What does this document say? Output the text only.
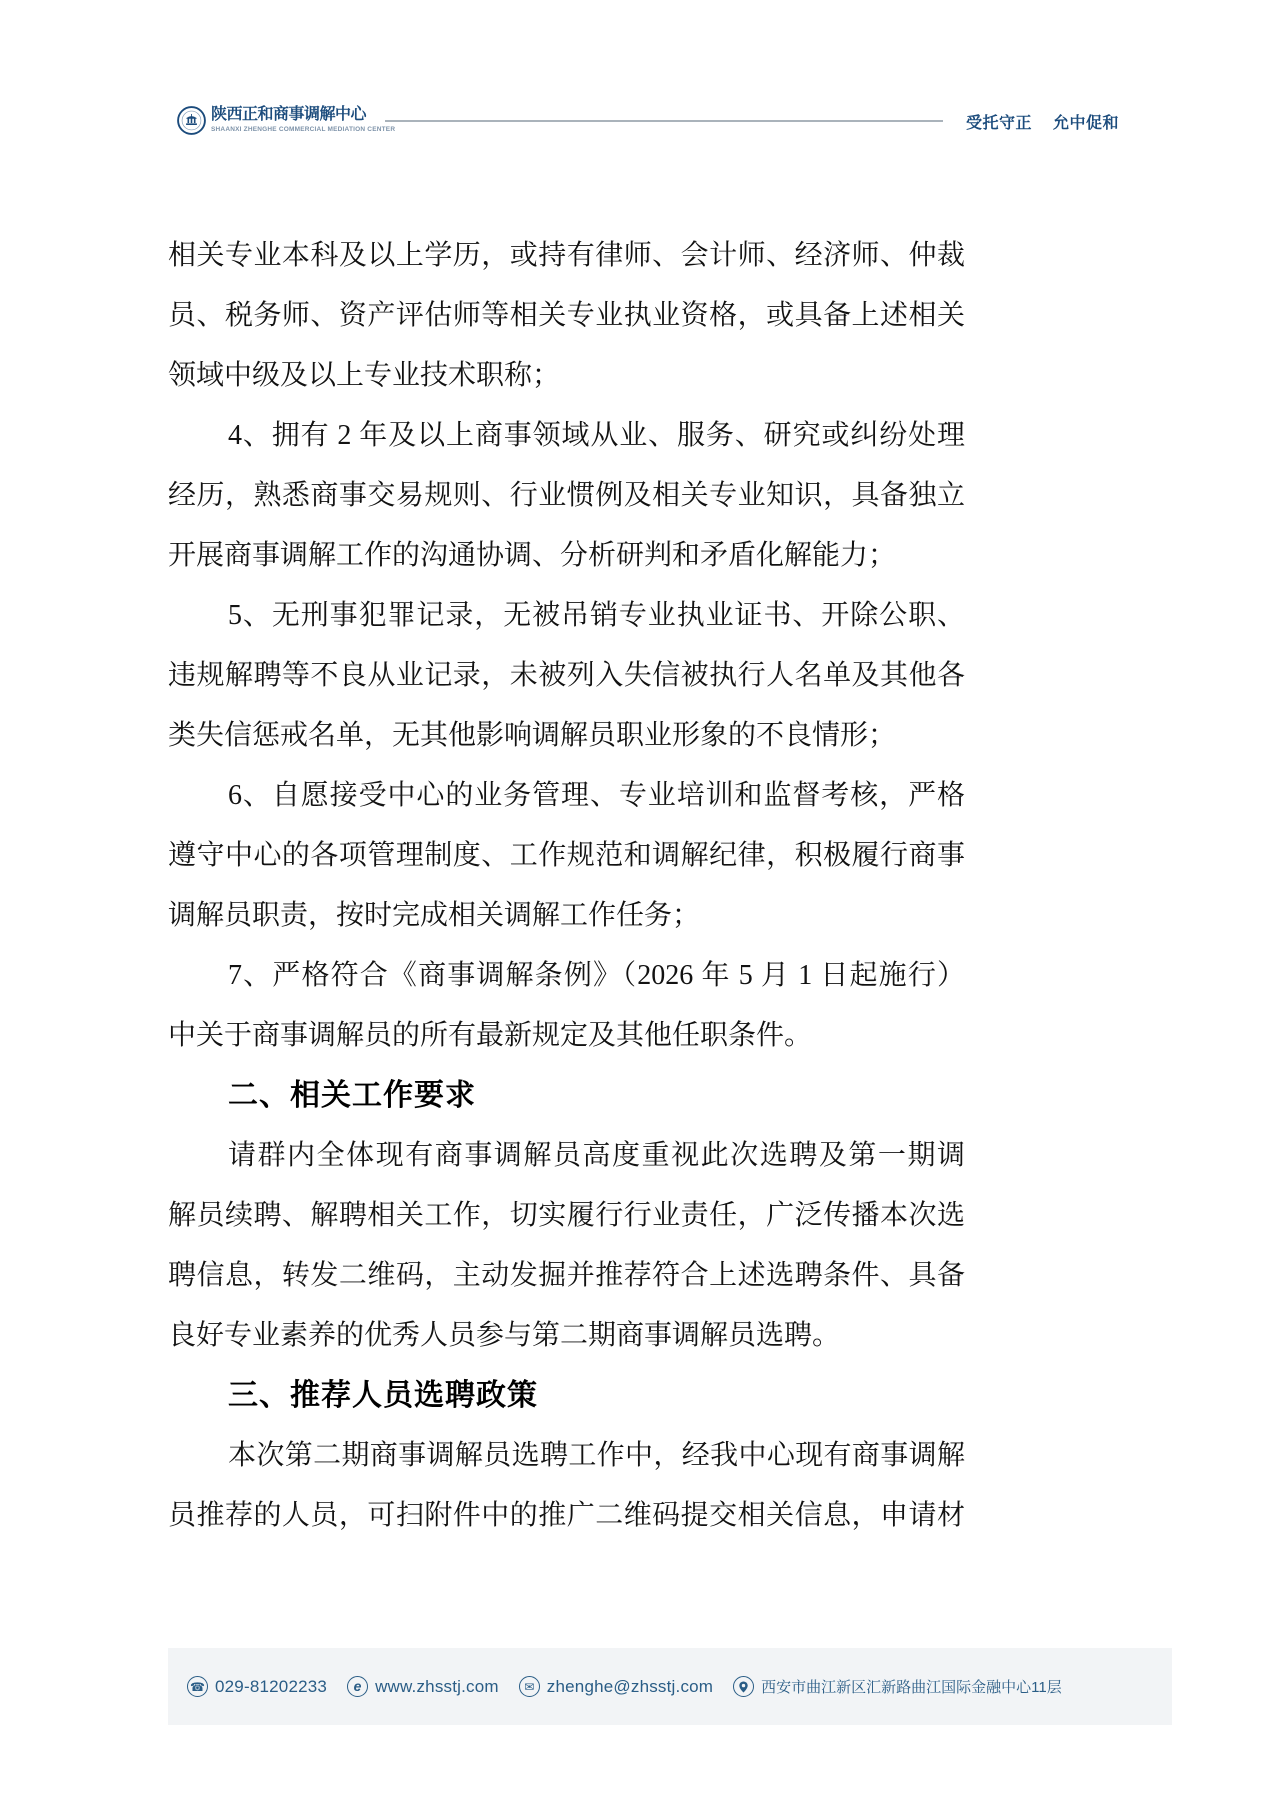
陕西正和商事调解中心
SHAANXI ZHENGHE COMMERCIAL MEDIATION CENTER	受托守正 允中促和
相关专业本科及以上学历，或持有律师、会计师、经济师、仲裁
员、税务师、资产评估师等相关专业执业资格，或具备上述相关
领域中级及以上专业技术职称；
4、拥有 2 年及以上商事领域从业、服务、研究或纠纷处理
经历，熟悉商事交易规则、行业惯例及相关专业知识，具备独立
开展商事调解工作的沟通协调、分析研判和矛盾化解能力；
5、无刑事犯罪记录，无被吊销专业执业证书、开除公职、
违规解聘等不良从业记录，未被列入失信被执行人名单及其他各
类失信惩戒名单，无其他影响调解员职业形象的不良情形；
6、自愿接受中心的业务管理、专业培训和监督考核，严格
遵守中心的各项管理制度、工作规范和调解纪律，积极履行商事
调解员职责，按时完成相关调解工作任务；
7、严格符合《商事调解条例》（2026 年 5 月 1 日起施行）
中关于商事调解员的所有最新规定及其他任职条件。
二、相关工作要求
请群内全体现有商事调解员高度重视此次选聘及第一期调
解员续聘、解聘相关工作，切实履行行业责任，广泛传播本次选
聘信息，转发二维码，主动发掘并推荐符合上述选聘条件、具备
良好专业素养的优秀人员参与第二期商事调解员选聘。
三、推荐人员选聘政策
本次第二期商事调解员选聘工作中，经我中心现有商事调解
员推荐的人员，可扫附件中的推广二维码提交相关信息，申请材
☎ 029-81202233	e www.zhsstj.com	✉ zhenghe@zhsstj.com	西安市曲江新区汇新路曲江国际金融中心11层
